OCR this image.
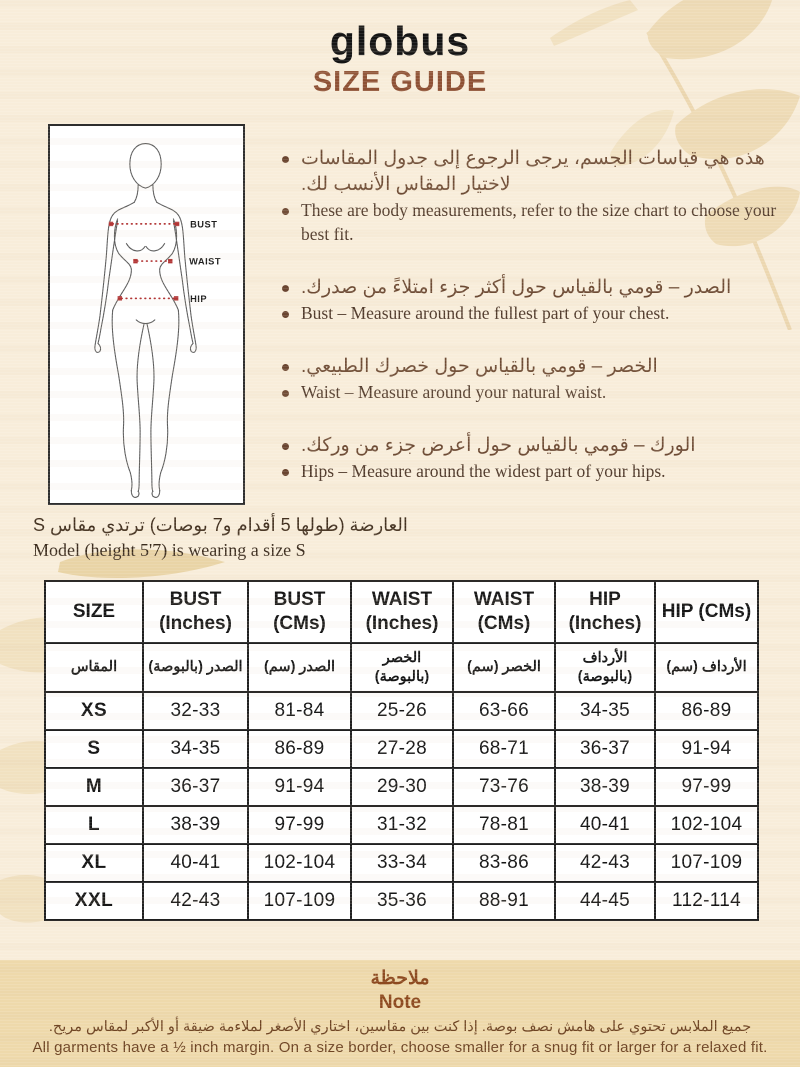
globus
SIZE GUIDE
BUST
WAIST
HIP
هذه هي قياسات الجسم، يرجى الرجوع إلى جدول المقاسات لاختيار المقاس الأنسب لك.
These are body measurements, refer to the size chart to choose your best fit.
الصدر – قومي بالقياس حول أكثر جزء امتلاءً من صدرك.
Bust – Measure around the fullest part of your chest.
الخصر – قومي بالقياس حول خصرك الطبيعي.
Waist – Measure around your natural waist.
الورك – قومي بالقياس حول أعرض جزء من وركك.
Hips – Measure around the widest part of your hips.
العارضة (طولها 5 أقدام و7 بوصات) ترتدي مقاس S
Model (height 5'7) is wearing a size S
SIZE	BUST (Inches)	BUST (CMs)	WAIST (Inches)	WAIST (CMs)	HIP (Inches)	HIP (CMs)
المقاس	الصدر (بالبوصة)	الصدر (سم)	الخصر (بالبوصة)	الخصر (سم)	الأرداف (بالبوصة)	الأرداف (سم)
XS	32-33	81-84	25-26	63-66	34-35	86-89
S	34-35	86-89	27-28	68-71	36-37	91-94
M	36-37	91-94	29-30	73-76	38-39	97-99
L	38-39	97-99	31-32	78-81	40-41	102-104
XL	40-41	102-104	33-34	83-86	42-43	107-109
XXL	42-43	107-109	35-36	88-91	44-45	112-114
ملاحظة
Note
جميع الملابس تحتوي على هامش نصف بوصة. إذا كنت بين مقاسين، اختاري الأصغر لملاءمة ضيقة أو الأكبر لمقاس مريح.
All garments have a ½ inch margin. On a size border, choose smaller for a snug fit or larger for a relaxed fit.
